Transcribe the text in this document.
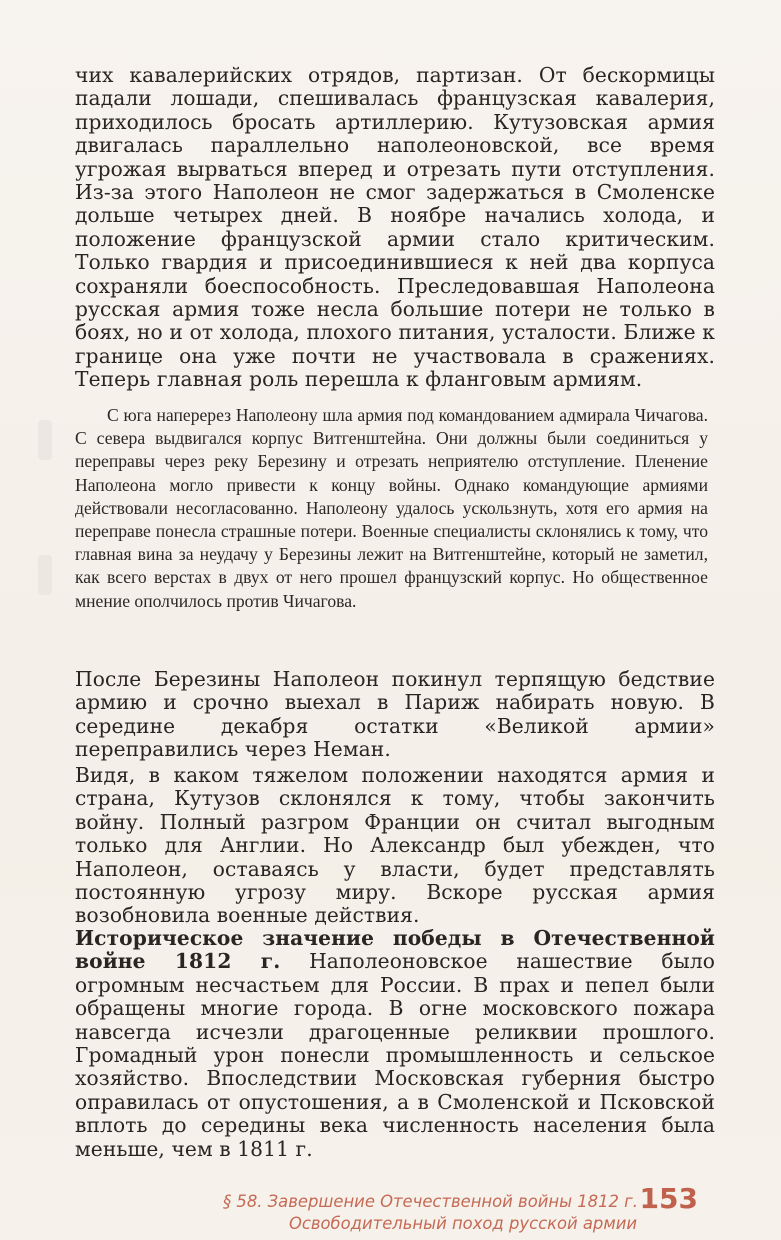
чих кавалерийских отрядов, партизан. От бескормицы падали лошади, спешивалась французская кавалерия, приходилось бросать артиллерию. Кутузовская армия двигалась параллельно наполеоновской, все время угрожая вырваться вперед и отрезать пути отступления. Из-за этого Наполеон не смог задержаться в Смоленске дольше четырех дней. В ноябре начались холода, и положение французской армии стало критическим. Только гвардия и присоединившиеся к ней два корпуса сохраняли боеспособность. Преследовавшая Наполеона русская армия тоже несла большие потери не только в боях, но и от холода, плохого питания, усталости. Ближе к границе она уже почти не участвовала в сражениях. Теперь главная роль перешла к фланговым армиям.

С юга наперерез Наполеону шла армия под командованием адмирала Чичагова. С севера выдвигался корпус Витгенштейна. Они должны были соединиться у переправы через реку Березину и отрезать неприятелю отступление. Пленение Наполеона могло привести к концу войны. Однако командующие армиями действовали несогласованно. Наполеону удалось ускользнуть, хотя его армия на переправе понесла страшные потери. Военные специалисты склонялись к тому, что главная вина за неудачу у Березины лежит на Витгенштейне, который не заметил, как всего верстах в двух от него прошел французский корпус. Но общественное мнение ополчилось против Чичагова.

После Березины Наполеон покинул терпящую бедствие армию и срочно выехал в Париж набирать новую. В середине декабря остатки «Великой армии» переправились через Неман.

Видя, в каком тяжелом положении находятся армия и страна, Кутузов склонялся к тому, чтобы закончить войну. Полный разгром Франции он считал выгодным только для Англии. Но Александр был убежден, что Наполеон, оставаясь у власти, будет представлять постоянную угрозу миру. Вскоре русская армия возобновила военные действия.

Историческое значение победы в Отечественной войне 1812 г. Наполеоновское нашествие было огромным несчастьем для России. В прах и пепел были обращены многие города. В огне московского пожара навсегда исчезли драгоценные реликвии прошлого. Громадный урон понесли промышленность и сельское хозяйство. Впоследствии Московская губерния быстро оправилась от опустошения, а в Смоленской и Псковской вплоть до середины века численность населения была меньше, чем в 1811 г.

§ 58. Завершение Отечественной войны 1812 г.
Освободительный поход русской армии
153
